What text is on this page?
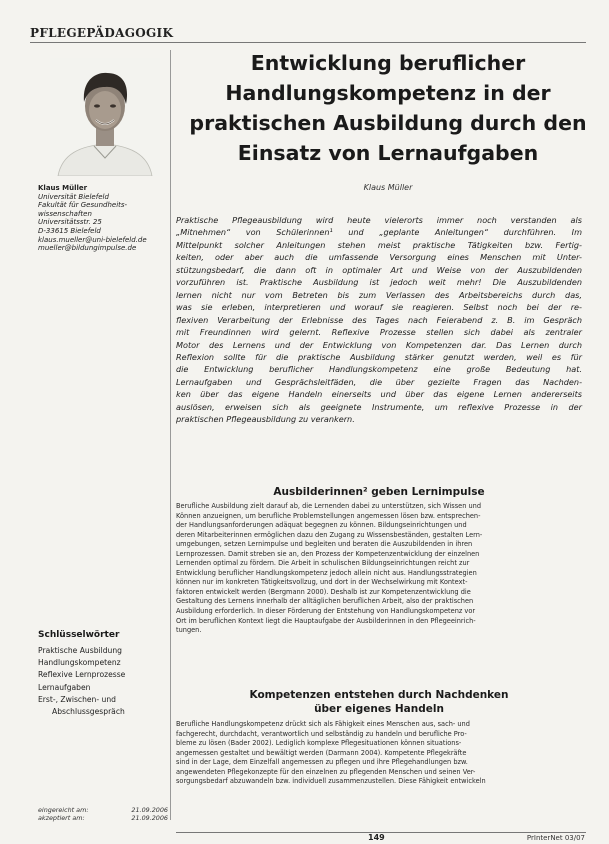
PFLEGEPÄDAGOGIK
Entwicklung beruflicher Handlungskompetenz in der praktischen Ausbildung durch den Einsatz von Lernaufgaben
Klaus Müller
Universität Bielefeld
Fakultät für Gesundheits-
wissenschaften
Universitätsstr. 25
D-33615 Bielefeld
klaus.mueller@uni-bielefeld.de
mueller@bildungimpulse.de
Klaus Müller
Praktische Pflegeausbildung wird heute vielerorts immer noch verstanden als
„Mitnehmen“ von Schülerinnen¹ und „geplante Anleitungen“ durchführen. Im
Mittelpunkt solcher Anleitungen stehen meist praktische Tätigkeiten bzw. Fertig-
keiten, oder aber auch die umfassende Versorgung eines Menschen mit Unter-
stützungsbedarf, die dann oft in optimaler Art und Weise von der Auszubildenden
vorzuführen ist. Praktische Ausbildung ist jedoch weit mehr! Die Auszubildenden
lernen nicht nur vom Betreten bis zum Verlassen des Arbeitsbereichs durch das,
was sie erleben, interpretieren und worauf sie reagieren. Selbst noch bei der re-
flexiven Verarbeitung der Erlebnisse des Tages nach Feierabend z. B. im Gespräch
mit Freundinnen wird gelernt. Reflexive Prozesse stellen sich dabei als zentraler
Motor des Lernens und der Entwicklung von Kompetenzen dar. Das Lernen durch
Reflexion sollte für die praktische Ausbildung stärker genutzt werden, weil es für
die Entwicklung beruflicher Handlungskompetenz eine große Bedeutung hat.
Lernaufgaben und Gesprächsleitfäden, die über gezielte Fragen das Nachden-
ken über das eigene Handeln einerseits und über das eigene Lernen andererseits
auslösen, erweisen sich als geeignete Instrumente, um reflexive Prozesse in der
praktischen Pflegeausbildung zu verankern.
Ausbilderinnen² geben Lernimpulse
Berufliche Ausbildung zielt darauf ab, die Lernenden dabei zu unterstützen, sich Wissen und
Können anzueignen, um berufliche Problemstellungen angemessen lösen bzw. entsprechen-
der Handlungsanforderungen adäquat begegnen zu können. Bildungseinrichtungen und
deren Mitarbeiterinnen ermöglichen dazu den Zugang zu Wissensbeständen, gestalten Lern-
umgebungen, setzen Lernimpulse und begleiten und beraten die Auszubildenden in ihren
Lernprozessen. Damit streben sie an, den Prozess der Kompetenzentwicklung der einzelnen
Lernenden optimal zu fördern. Die Arbeit in schulischen Bildungseinrichtungen reicht zur
Entwicklung beruflicher Handlungskompetenz jedoch allein nicht aus. Handlungsstrategien
können nur im konkreten Tätigkeitsvollzug, und dort in der Wechselwirkung mit Kontext-
faktoren entwickelt werden (Bergmann 2000). Deshalb ist zur Kompetenzentwicklung die
Gestaltung des Lernens innerhalb der alltäglichen beruflichen Arbeit, also der praktischen
Ausbildung erforderlich. In dieser Förderung der Entstehung von Handlungskompetenz vor
Ort im beruflichen Kontext liegt die Hauptaufgabe der Ausbilderinnen in den Pflegeeinrich-
tungen.
Kompetenzen entstehen durch Nachdenken
über eigenes Handeln
Berufliche Handlungskompetenz drückt sich als Fähigkeit eines Menschen aus, sach- und
fachgerecht, durchdacht, verantwortlich und selbständig zu handeln und berufliche Pro-
bleme zu lösen (Bader 2002). Lediglich komplexe Pflegesituationen können situations-
angemessen gestaltet und bewältigt werden (Darmann 2004). Kompetente Pflegekräfte
sind in der Lage, dem Einzelfall angemessen zu pflegen und ihre Pflegehandlungen bzw.
angewendeten Pflegekonzepte für den einzelnen zu pflegenden Menschen und seinen Ver-
sorgungsbedarf abzuwandeln bzw. individuell zusammenzustellen. Diese Fähigkeit entwickeln
Schlüsselwörter
Praktische Ausbildung
Handlungskompetenz
Reflexive Lernprozesse
Lernaufgaben
Erst-, Zwischen- und
Abschlussgespräch
eingereicht am:	21.09.2006
akzeptiert am:	21.09.2006
149	PrInterNet 03/07
